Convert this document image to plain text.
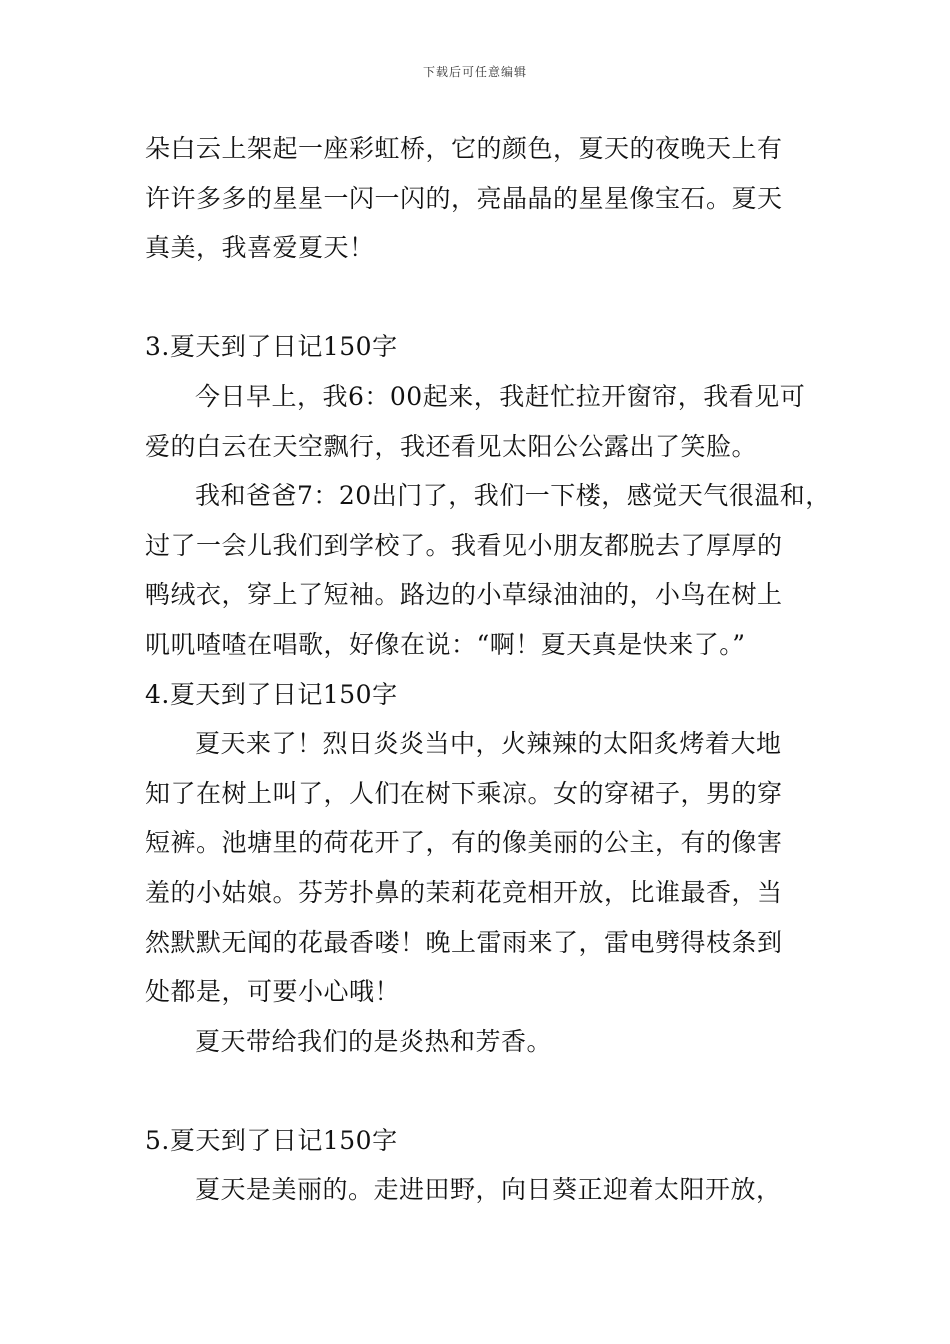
下载后可任意编辑
朵白云上架起一座彩虹桥，它的颜色，夏天的夜晚天上有
许许多多的星星一闪一闪的，亮晶晶的星星像宝石。夏天
真美，我喜爱夏天！
3.夏天到了日记150字
今日早上，我6：00起来，我赶忙拉开窗帘，我看见可
爱的白云在天空飘行，我还看见太阳公公露出了笑脸。
我和爸爸7：20出门了，我们一下楼，感觉天气很温和，
过了一会儿我们到学校了。我看见小朋友都脱去了厚厚的
鸭绒衣，穿上了短袖。路边的小草绿油油的，小鸟在树上
叽叽喳喳在唱歌，好像在说：“啊！夏天真是快来了。”
4.夏天到了日记150字
夏天来了！烈日炎炎当中，火辣辣的太阳炙烤着大地
知了在树上叫了，人们在树下乘凉。女的穿裙子，男的穿
短裤。池塘里的荷花开了，有的像美丽的公主，有的像害
羞的小姑娘。芬芳扑鼻的茉莉花竞相开放，比谁最香，当
然默默无闻的花最香喽！晚上雷雨来了，雷电劈得枝条到
处都是，可要小心哦！
夏天带给我们的是炎热和芳香。
5.夏天到了日记150字
夏天是美丽的。走进田野，向日葵正迎着太阳开放，
